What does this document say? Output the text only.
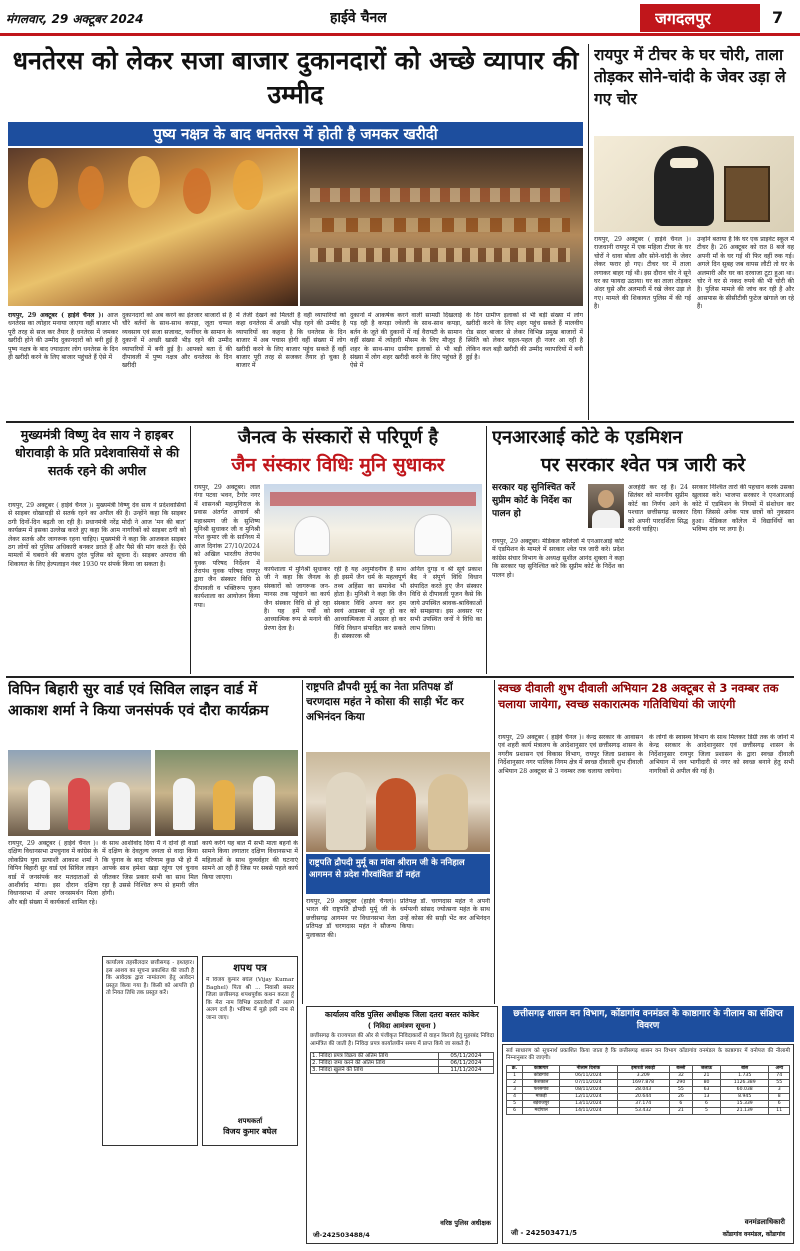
मंगलवार, 29 अक्टूबर 2024	हाईवे चैनल	जगदलपुर	7
धनतेरस को लेकर सजा बाजार दुकानदारों को अच्छे व्यापार की उम्मीद
पुष्य नक्षत्र के बाद धनतेरस में होती है जमकर खरीदी
रायपुर, 29 अक्टूबर ( हाईवे चैनल )। आज धनतेरस का त्योहार मनाया जाएगा वहीं बाजार भी पूरी तरह से सज कर तैयार है धनतेरस में जमकर खरीदी होने की उम्मीद दुकानदारों को बनी हुई है पुष्य नक्षत्र के बाद ज्यादातर लोग धनतेरस के दिन ही खरीदी करने के लिए बाजार पहुंचते हैं ऐसे में
दुकानदारों को अब करने का इंतजार बाजारों से है चौरे बर्तनों के साथ-साथ कपड़ा, जूता चप्पल व्यवसाय एवं सजा सजावट, फर्नीचर के सामान के दुकानों में अच्छी खासी भीड़ रहने की उम्मीद व्यापारियों में बनी हुई है। आपको बता दें की दीपावली में पुष्य नक्षत्र और धनतेरस के दिन खरीदी
में तेजी देखने को मिलती है वहीं व्यापारियों को कहा धनतेरस में अच्छी भीड़ रहने की उम्मीद है व्यापारियों का कहना है कि धनतेरस के दिन बाजार में अब पचास होगी वहीं संख्या में लोग खरीदी करने के लिए बाजार पहुंच सकते हैं वहीं बाजार पूरी तरह से सजकर तैयार हो चुका है बाजार में
दुकानों में आकर्षक करने वाली सामग्री दिखलाई पड़ रही है कपड़ा ज्वेलरी के साथ-साथ कपड़ा, बर्तन के जूते की दुकानों में नई वैरायटी के सामान वहीं संख्या में त्योहारी मौसम के लिए मौजूद हैं शहर के साथ-साथ ग्रामीण इलाकों से भी बड़ी संख्या में लोग शहर खरीदी करने के लिए पहुंचते हैं ऐसे में
के दिन ग्रामीण इलाकों से भी बड़ी संख्या में लोग खरीदी करने के लिए शहर पहुंच सकते हैं मालवीय रोड सदर बाजार से लेकर विभिन्न प्रमुख बाजारों में स्थिति को लेकर चहल-पहल ही नजर आ रही है लेकिन कल बड़ी खरीदी की उम्मीद व्यापारियों में बनी हुई है।
रायपुर में टीचर के घर चोरी, ताला तोड़कर सोने-चांदी के जेवर उड़ा ले गए चोर
रायपुर, 29 अक्टूबर ( हाईवे चैनल )। राजधानी रायपुर में एक महिला टीचर के घर चोरों ने धावा बोला और सोने-चांदी के जेवर लेकर फरार हो गए। टीचर घर में ताला लगाकर बाहर गई थी। इस दौरान चोर ने सूने घर का फायदा उठाया। घर का ताला तोड़कर अंदर घुसे और अलमारी में रखे जेवर उड़ा ले गए। मामले की शिकायत पुलिस में की गई है।
उन्होंने बताया है कि घर एक प्राइवेट स्कूल में टीचर है। 26 अक्टूबर को रात 8 बजे वह अपनी माँ के घर गई थी फिर वहीं रुक गई। अगले दिन सुबह जब वापस लौटी तो घर के अलमारी और घर का दरवाजा टूटा हुआ था। चोर ने घर से नकद रुपये की भी चोरी की है। पुलिस मामले की जांच कर रही है और आसपास के सीसीटीवी फुटेज खंगाले जा रहे हैं।
मुख्यमंत्री विष्णु देव साय ने हाइबर धोरावाड़ी के प्रति प्रदेशवासियों से की सतर्क रहने की अपील
रायपुर, 29 अक्टूबर ( हाईवे चैनल )। मुख्यमंत्री विष्णु देव साय ने प्रदेशवासियों से साइबर धोखाधड़ी से सतर्क रहने का अपील की है। उन्होंने कहा कि साइबर ठगी दिनों-दिन बढ़ती जा रही है। प्रधानमंत्री नरेंद्र मोदी ने आज 'मन की बात' कार्यक्रम में इसका उल्लेख करते हुए कहा कि आम नागरिकों को साइबर ठगी को लेकर सतर्क और जागरूक रहना चाहिए। मुख्यमंत्री ने कहा कि आजकल साइबर ठग लोगों को पुलिस अधिकारी बनकर डराते हैं और पैसे की मांग करते हैं। ऐसे मामलों में घबराने की बजाय तुरंत पुलिस को सूचना दें। साइबर अपराध की शिकायत के लिए हेल्पलाइन नंबर 1930 पर संपर्क किया जा सकता है।
जैनत्व के संस्कारों से परिपूर्ण है
जैन संस्कार विधिः मुनि सुधाकर
रायपुर, 29 अक्टूबर। लाल गंगा पटवा भवन, टैगोर नगर में शासनश्री महामुनिराज के प्रवास अंतर्गत आचार्य श्री महाश्रमण जी के सुशिष्य मुनिश्री सुधाकर जी व मुनिश्री नरेश कुमार जी के सानिध्य में आज दिनांक 27/10/2024 को अखिल भारतीय तेरापंथ युवक परिषद निर्देशन में तेरापंथ युवक परिषद रायपुर द्वारा जैन संस्कार विधि से दीपावली व भक्तिरूप पूजन कार्यशाला का आयोजन किया गया।
कार्यशाला में मुनिश्री सुधाकर जी ने कहा कि जैनत्व के संस्कारों को जागरूक जन-मानस तक पहुंचाने का कार्य जैन संस्कार विधि से हो रहा है। यह हमें पर्वों को आध्यात्मिक रूप से मनाने की प्रेरणा देता है।
रही है यह अनुमोदनीय है साथ ही इसमें जैन धर्म के महत्वपूर्ण तथ्य अहिंसा का समावेश भी होता है। मुनिश्री ने कहा कि जैन संस्कार विधि अपना कर हम स्वयं आडम्बर से दूर हो कर आध्यात्मिकता में अग्रसर हो कर विधि विधान संपादित कर सकते हैं। संस्कारक श्री
अनिल दुगड़ व श्री सूर्य प्रकाश बैद ने संपूर्ण विधि विधान संपादित करते हुए जैन संस्कार विधि से दीपावली पूजन कैसे कि जाये उपस्थित श्रावक-श्राविकाओं को समझाया। इस अवसर पर सभी उपस्थित जनों ने विधि का लाभ लिया।
एनआरआई कोटे के एडमिशन
पर सरकार श्वेत पत्र जारी करे
सरकार यह सुनिश्चित करें सुप्रीम कोर्ट के निर्देश का पालन हो
अजहंदी कर रहे हैं। 24 सितंबर को माननीय सुप्रीम कोर्ट का निर्णय आने के पश्चात छत्तीसगढ़ सरकार को अपनी पारदर्शिता सिद्ध करनी चाहिए।
रायपुर, 29 अक्टूबर। मेडिकल कॉलेजों में एनआरआई कोटे में एडमिशन के मामले में सरकार श्वेत पत्र जारी करे। प्रदेश कांग्रेस संचार विभाग के अध्यक्ष सुशील आनंद शुक्ला ने कहा कि सरकार यह सुनिश्चित करे कि सुप्रीम कोर्ट के निर्देश का पालन हो।
सरकार निश्चित तारों की पहचान करके उसका खुलासा करे। भाजपा सरकार ने एनआरआई कोटे में एडमिशन के नियमों में संशोधन कर दिया जिससे अनेक पात्र छात्रों को नुकसान हुआ। मेडिकल कॉलेज में विद्यार्थियों का भविष्य दांव पर लगा है।
विपिन बिहारी सुर वार्ड एवं सिविल लाइन वार्ड में आकाश शर्मा ने किया जनसंपर्क एवं दौरा कार्यक्रम
रायपुर, 29 अक्टूबर ( हाईवे चैनल )। दक्षिण विधानसभा उपचुनाव में कांग्रेस के लोकप्रिय युवा प्रत्याशी आकाश शर्मा ने विपिन बिहारी सुर वार्ड एवं सिविल लाइन वार्ड में जनसंपर्क कर मतदाताओं से आशीर्वाद मांगा। इस दौरान दक्षिण विधानसभा में अपार जनसमर्थन मिला और बड़ी संख्या में कार्यकर्ता शामिल रहे।
के साथ आशीर्वाद दिया मैं ने दोनों ही वार्डों में दक्षिण के देवतुल्य जनता से वादा किया कि चुनाव के बाद परिणाम कुछ भी हो मैं आपके साथ हमेशा खड़ा रहूंगा एवं चुनाव जीतकर जिस प्रकार सभी का साथ मिल रहा है उससे निश्चित रूप से हमारी जीत होगी।
कार्य करेंगे यह बात मैं सभी माता बहनों के सामने किया लगातार दक्षिण विधानसभा में महिलाओं के साथ दुव्यर्वहार की घटनाएं सामने आ रही हैं जिस पर सबसे पहले कार्य किया जाएगा।
कार्यालय तहसीलदार छत्तीसगढ़ - इश्तहार। इस आशय का सूचना प्रकाशित की जाती है कि आवेदक द्वारा नामांतरण हेतु आवेदन प्रस्तुत किया गया है। किसी को आपत्ति हो तो नियत तिथि तक प्रस्तुत करें।
शपथ पत्र
मैं विजय कुमार बघेल (Vijay Kumar Baghel) पिता श्री ... निवासी बस्तर जिला छत्तीसगढ़ शपथपूर्वक कथन करता हूँ कि मेरा नाम विभिन्न दस्तावेजों में अलग अलग दर्ज है। भविष्य में मुझे इसी नाम से जाना जाए।
शपथकर्ता
विजय कुमार बघेल
राष्ट्रपति द्रौपदी मुर्मू का नेता प्रतिपक्ष डॉ चरणदास महंत ने कोसा की साड़ी भेंट कर अभिनंदन किया
राष्ट्रपति द्रौपदी मुर्मू का मांवा श्रीराम जी के ननिहाल आगमन से प्रदेश गौरवांवितः डॉ महंत
रायपुर, 29 अक्टूबर (हाईवे चैनल)। भारत की राष्ट्रपति द्रौपदी मुर्मू जी के छत्तीसगढ़ आगमन पर विधानसभा नेता प्रतिपक्ष डॉ चरणदास महंत ने सौजन्य मुलाकात की।
प्रतिपक्ष डॉ. चरणदास महंत ने अपनी धर्मपत्नी सांसद ज्योत्सना महंत के साथ उन्हें कोसा की साड़ी भेंट कर अभिनंदन किया।
स्वच्छ दीवाली शुभ दीवाली अभियान 28 अक्टूबर से 3 नवम्बर तक चलाया जायेगा, स्वच्छ सकारात्मक गतिविधियां की जाएंगी
रायपुर, 29 अक्टूबर ( हाईवे चैनल )। केन्द्र सरकार के आवासन एवं शहरी कार्य मंत्रालय के आदेशानुसार एवं छत्तीसगढ़ शासन के नगरीय प्रशासन एवं विकास विभाग, रायपुर जिला प्रशासन के निर्देशानुसार नगर पालिक निगम क्षेत्र में स्वच्छ दीवाली शुभ दीवाली अभियान 28 अक्टूबर से 3 नवम्बर तक चलाया जायेगा।
के लोगों के स्वास्थ्य विभाग के साथ मिलकर डिग्री तक के जोनों में केन्द्र सरकार के आदेशानुसार एवं छत्तीसगढ़ शासन के निर्देशानुसार रायपुर जिला प्रशासन के द्वारा स्वच्छ दीवाली अभियान में जन भागीदारी से नगर को स्वच्छ बनाने हेतु सभी नागरिकों से अपील की गई है।
कार्यालय वरिष्ठ पुलिस अधीक्षक जिला दतरा बस्तर कांकेर
( निविदा आमंत्रण सूचना )
छत्तीसगढ़ के राज्यपाल की ओर से पंजीकृत निविदाकारों से वाहन किराये हेतु मुहरबंद निविदा आमंत्रित की जाती है। निविदा प्रपत्र कार्यालयीन समय में प्राप्त किये जा सकते हैं।
1. निविदा प्रपत्र विक्रय की अंतिम तिथि	05/11/2024
2. निविदा जमा करने की अंतिम तिथि	06/11/2024
3. निविदा खुलने की तिथि	11/11/2024
वरिष्ठ पुलिस अधीक्षक
जी-242503488/4
छत्तीसगढ़ शासन वन विभाग, कोंडागांव वनमंडल के काष्ठागार के नीलाम का संक्षिप्त विवरण
सर्व साधारण को सूचनार्थ प्रकाशित किया जाता है कि छत्तीसगढ़ शासन वन विभाग कोंडागांव वनमंडल के काष्ठागार में वनोपज की नीलामी निम्नानुसार की जाएगी।
क्र.	काष्ठागार	नीलाम दिनांक	इमारती लकड़ी	बल्ली	जलाऊ	बांस	अन्य
1	कोंडागांव	06/11/2024	3.209	32	21	1.735	74
2	केशकाल	07/11/2024	1697.878	290	80	1126.389	55
3	फरसगांव	08/11/2024	28.043	55	63	60.038	3
4	माकड़ी	12/11/2024	20.644	26	13	8.945	8
5	बड़ेराजपुर	13/11/2024	37.174	6	6	15.339	6
6	मर्दापाल	14/11/2024	53.432	21	5	21.139	11
वनमंडलाधिकारी
कोंडागांव वनमंडल, कोंडागांव
जी - 242503471/5
